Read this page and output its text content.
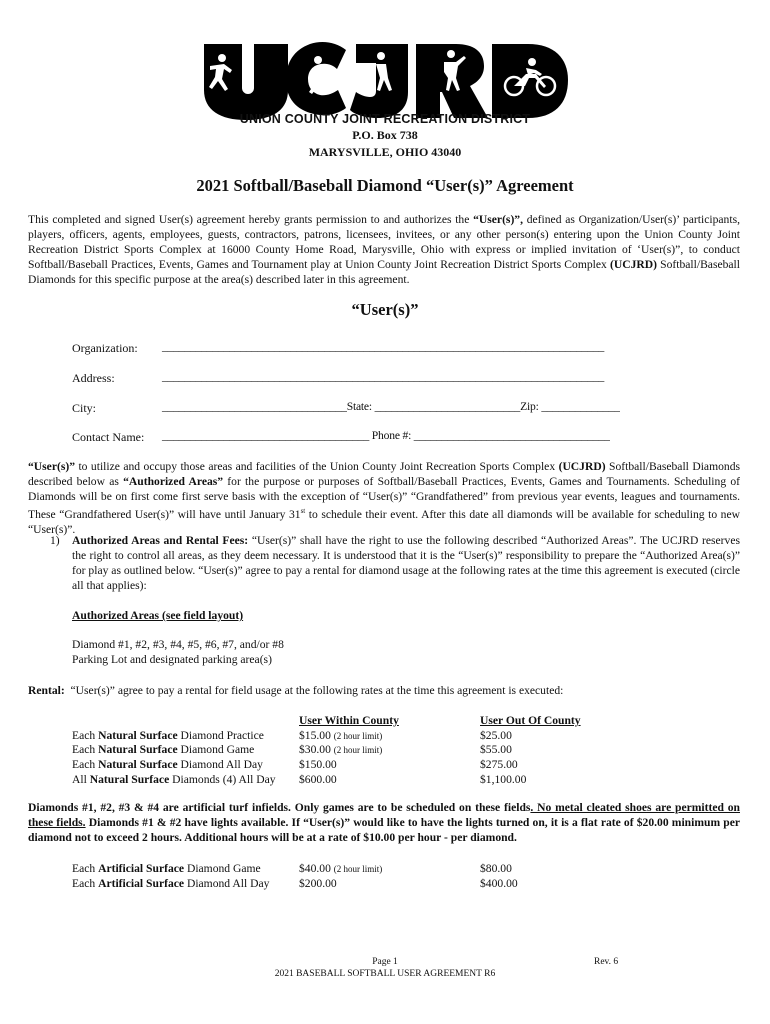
UNION COUNTY JOINT RECREATION DISTRICT
P.O. Box 738
MARYSVILLE, OHIO 43040
2021 Softball/Baseball Diamond “User(s)” Agreement
This completed and signed User(s) agreement hereby grants permission to and authorizes the “User(s)”, defined as Organization/User(s)’ participants, players, officers, agents, employees, guests, contractors, patrons, licensees, invitees, or any other person(s) entering upon the Union County Joint Recreation District Sports Complex at 16000 County Home Road, Marysville, Ohio with express or implied invitation of ‘User(s)”, to conduct Softball/Baseball Practices, Events, Games and Tournament play at Union County Joint Recreation District Sports Complex (UCJRD) Softball/Baseball Diamonds for this specific purpose at the area(s) described later in this agreement.
“User(s)”
Organization: _______________________________________________________________________________
Address:	_______________________________________________________________________________
City:	_________________________________State: __________________________Zip: ______________
Contact Name: _____________________________________ Phone #: ___________________________________
“User(s)” to utilize and occupy those areas and facilities of the Union County Joint Recreation Sports Complex (UCJRD) Softball/Baseball Diamonds described below as “Authorized Areas” for the purpose or purposes of Softball/Baseball Practices, Events, Games and Tournaments. Scheduling of Diamonds will be on first come first serve basis with the exception of “User(s)” “Grandfathered” from previous year events, leagues and tournaments. These “Grandfathered User(s)” will have until January 31st to schedule their event. After this date all diamonds will be available for scheduling to new “User(s)”.
1) Authorized Areas and Rental Fees: “User(s)” shall have the right to use the following described “Authorized Areas”. The UCJRD reserves the right to control all areas, as they deem necessary. It is understood that it is the “User(s)” responsibility to prepare the “Authorized Area(s)” for play as outlined below. “User(s)” agree to pay a rental for diamond usage at the following rates at the time this agreement is executed (circle all that applies):
Authorized Areas (see field layout)
Diamond #1, #2, #3, #4, #5, #6, #7, and/or #8
Parking Lot and designated parking area(s)
Rental:  “User(s)” agree to pay a rental for field usage at the following rates at the time this agreement is executed:
User Within County	User Out Of County
Each Natural Surface Diamond Practice	$15.00 (2 hour limit)	$25.00
Each Natural Surface Diamond Game	$30.00 (2 hour limit)	$55.00
Each Natural Surface Diamond All Day	$150.00	$275.00
All Natural Surface Diamonds (4) All Day $600.00	$1,100.00
Diamonds #1, #2, #3 & #4 are artificial turf infields. Only games are to be scheduled on these fields. No metal cleated shoes are permitted on these fields. Diamonds #1 & #2 have lights available. If “User(s)” would like to have the lights turned on, it is a flat rate of $20.00 minimum per diamond not to exceed 2 hours. Additional hours will be at a rate of $10.00 per hour - per diamond.
Each Artificial Surface Diamond Game	$40.00 (2 hour limit)	$80.00
Each Artificial Surface Diamond All Day	$200.00	$400.00
Page 1	Rev. 6
2021 BASEBALL SOFTBALL USER AGREEMENT R6
